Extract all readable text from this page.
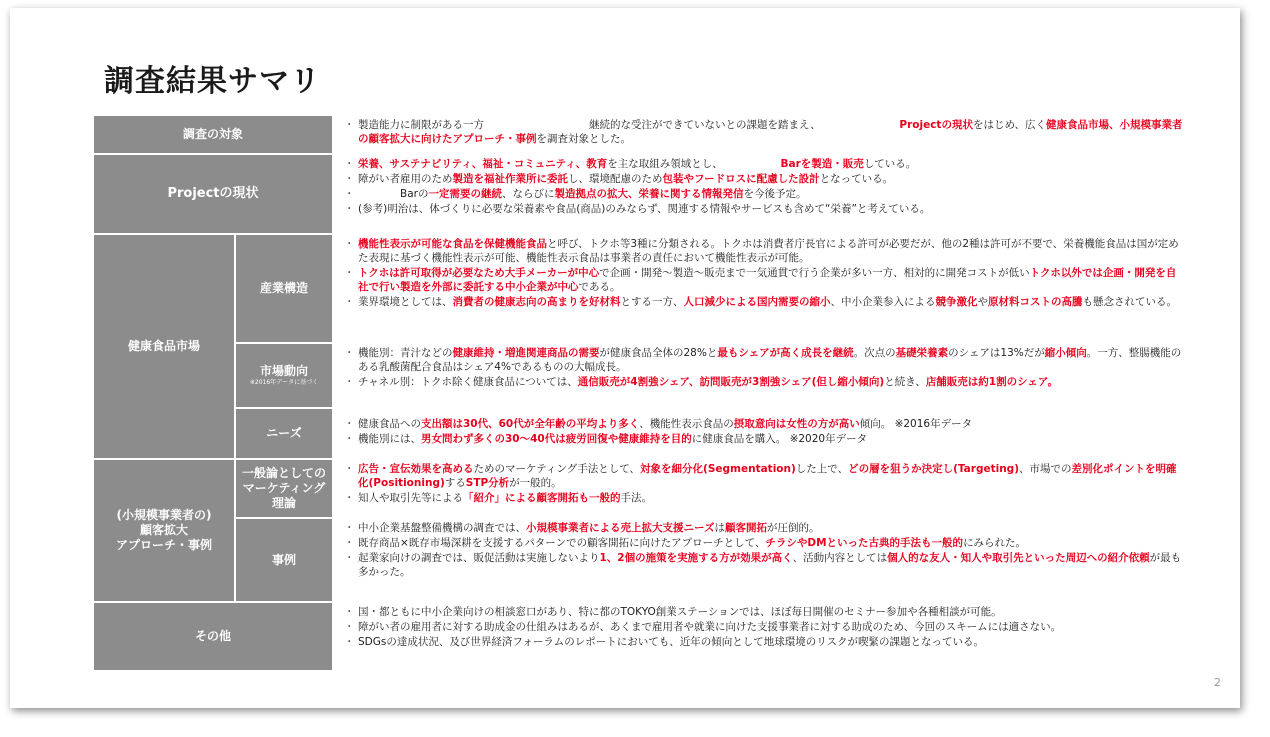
調査結果サマリ
調査の対象
・ 製造能力に制限がある一方　　　　　　　　　　	継続的な受注ができていないとの課題を踏まえ、　　　　　　　　	Projectの現状をはじめ、広く健康食品市場、小規模事業者の顧客拡大に向けたアプローチ・事例を調査対象とした。
Projectの現状
・ 栄養、サステナビリティ、福祉・コミュニティ、教育を主な取組み領域とし、　　　　　　Barを製造・販売している。
・ 障がい者雇用のため製造を福祉作業所に委託し、環境配慮のため包装やフードロスに配慮した設計となっている。
・ 　　　　Barの一定需要の継続、ならびに製造拠点の拡大、栄養に関する情報発信を今後予定。
・ (参考)明治は、体づくりに必要な栄養素や食品(商品)のみならず、関連する情報やサービスも含めて“栄養”と考えている。
健康食品市場
産業構造
・ 機能性表示が可能な食品を保健機能食品と呼び、トクホ等3種に分類される。トクホは消費者庁長官による許可が必要だが、他の2種は許可が不要で、栄養機能食品は国が定めた表現に基づく機能性表示が可能、機能性表示食品は事業者の責任において機能性表示が可能。
・ トクホは許可取得が必要なため大手メーカーが中心で企画・開発～製造～販売まで一気通貫で行う企業が多い一方、相対的に開発コストが低いトクホ以外では企画・開発を自社で行い製造を外部に委託する中小企業が中心である。
・ 業界環境としては、消費者の健康志向の高まりを好材料とする一方、人口減少による国内需要の縮小、中小企業参入による競争激化や原材料コストの高騰も懸念されている。
市場動向
※2016年データに基づく
・ 機能別：青汁などの健康維持・増進関連商品の需要が健康食品全体の28%と最もシェアが高く成長を継続。次点の基礎栄養素のシェアは13%だが縮小傾向。一方、整腸機能のある乳酸菌配合食品はシェア4%であるものの大幅成長。
・ チャネル別：トクホ除く健康食品については、通信販売が4割強シェア、訪問販売が3割強シェア(但し縮小傾向)と続き、店舗販売は約1割のシェア。
ニーズ
・ 健康食品への支出額は30代、60代が全年齢の平均より多く、機能性表示食品の摂取意向は女性の方が高い傾向。 ※2016年データ
・ 機能別には、男女問わず多くの30～40代は疲労回復や健康維持を目的に健康食品を購入。 ※2020年データ
(小規模事業者の)
顧客拡大
アプローチ・事例
一般論としてのマーケティング理論
・ 広告・宣伝効果を高めるためのマーケティング手法として、対象を細分化(Segmentation)した上で、どの層を狙うか決定し(Targeting)、市場での差別化ポイントを明確化(Positioning)するSTP分析が一般的。
・ 知人や取引先等による「紹介」による顧客開拓も一般的手法。
事例
・ 中小企業基盤整備機構の調査では、小規模事業者による売上拡大支援ニーズは顧客開拓が圧倒的。
・ 既存商品×既存市場深耕を支援するパターンでの顧客開拓に向けたアプローチとして、チラシやDMといった古典的手法も一般的にみられた。
・ 起業家向けの調査では、販促活動は実施しないより1、2個の施策を実施する方が効果が高く、活動内容としては個人的な友人・知人や取引先といった周辺への紹介依頼が最も多かった。
その他
・ 国・都ともに中小企業向けの相談窓口があり、特に都のTOKYO創業ステーションでは、ほぼ毎日開催のセミナー参加や各種相談が可能。
・ 障がい者の雇用者に対する助成金の仕組みはあるが、あくまで雇用者や就業に向けた支援事業者に対する助成のため、今回のスキームには適さない。
・ SDGsの達成状況、及び世界経済フォーラムのレポートにおいても、近年の傾向として地球環境のリスクが喫緊の課題となっている。
2
